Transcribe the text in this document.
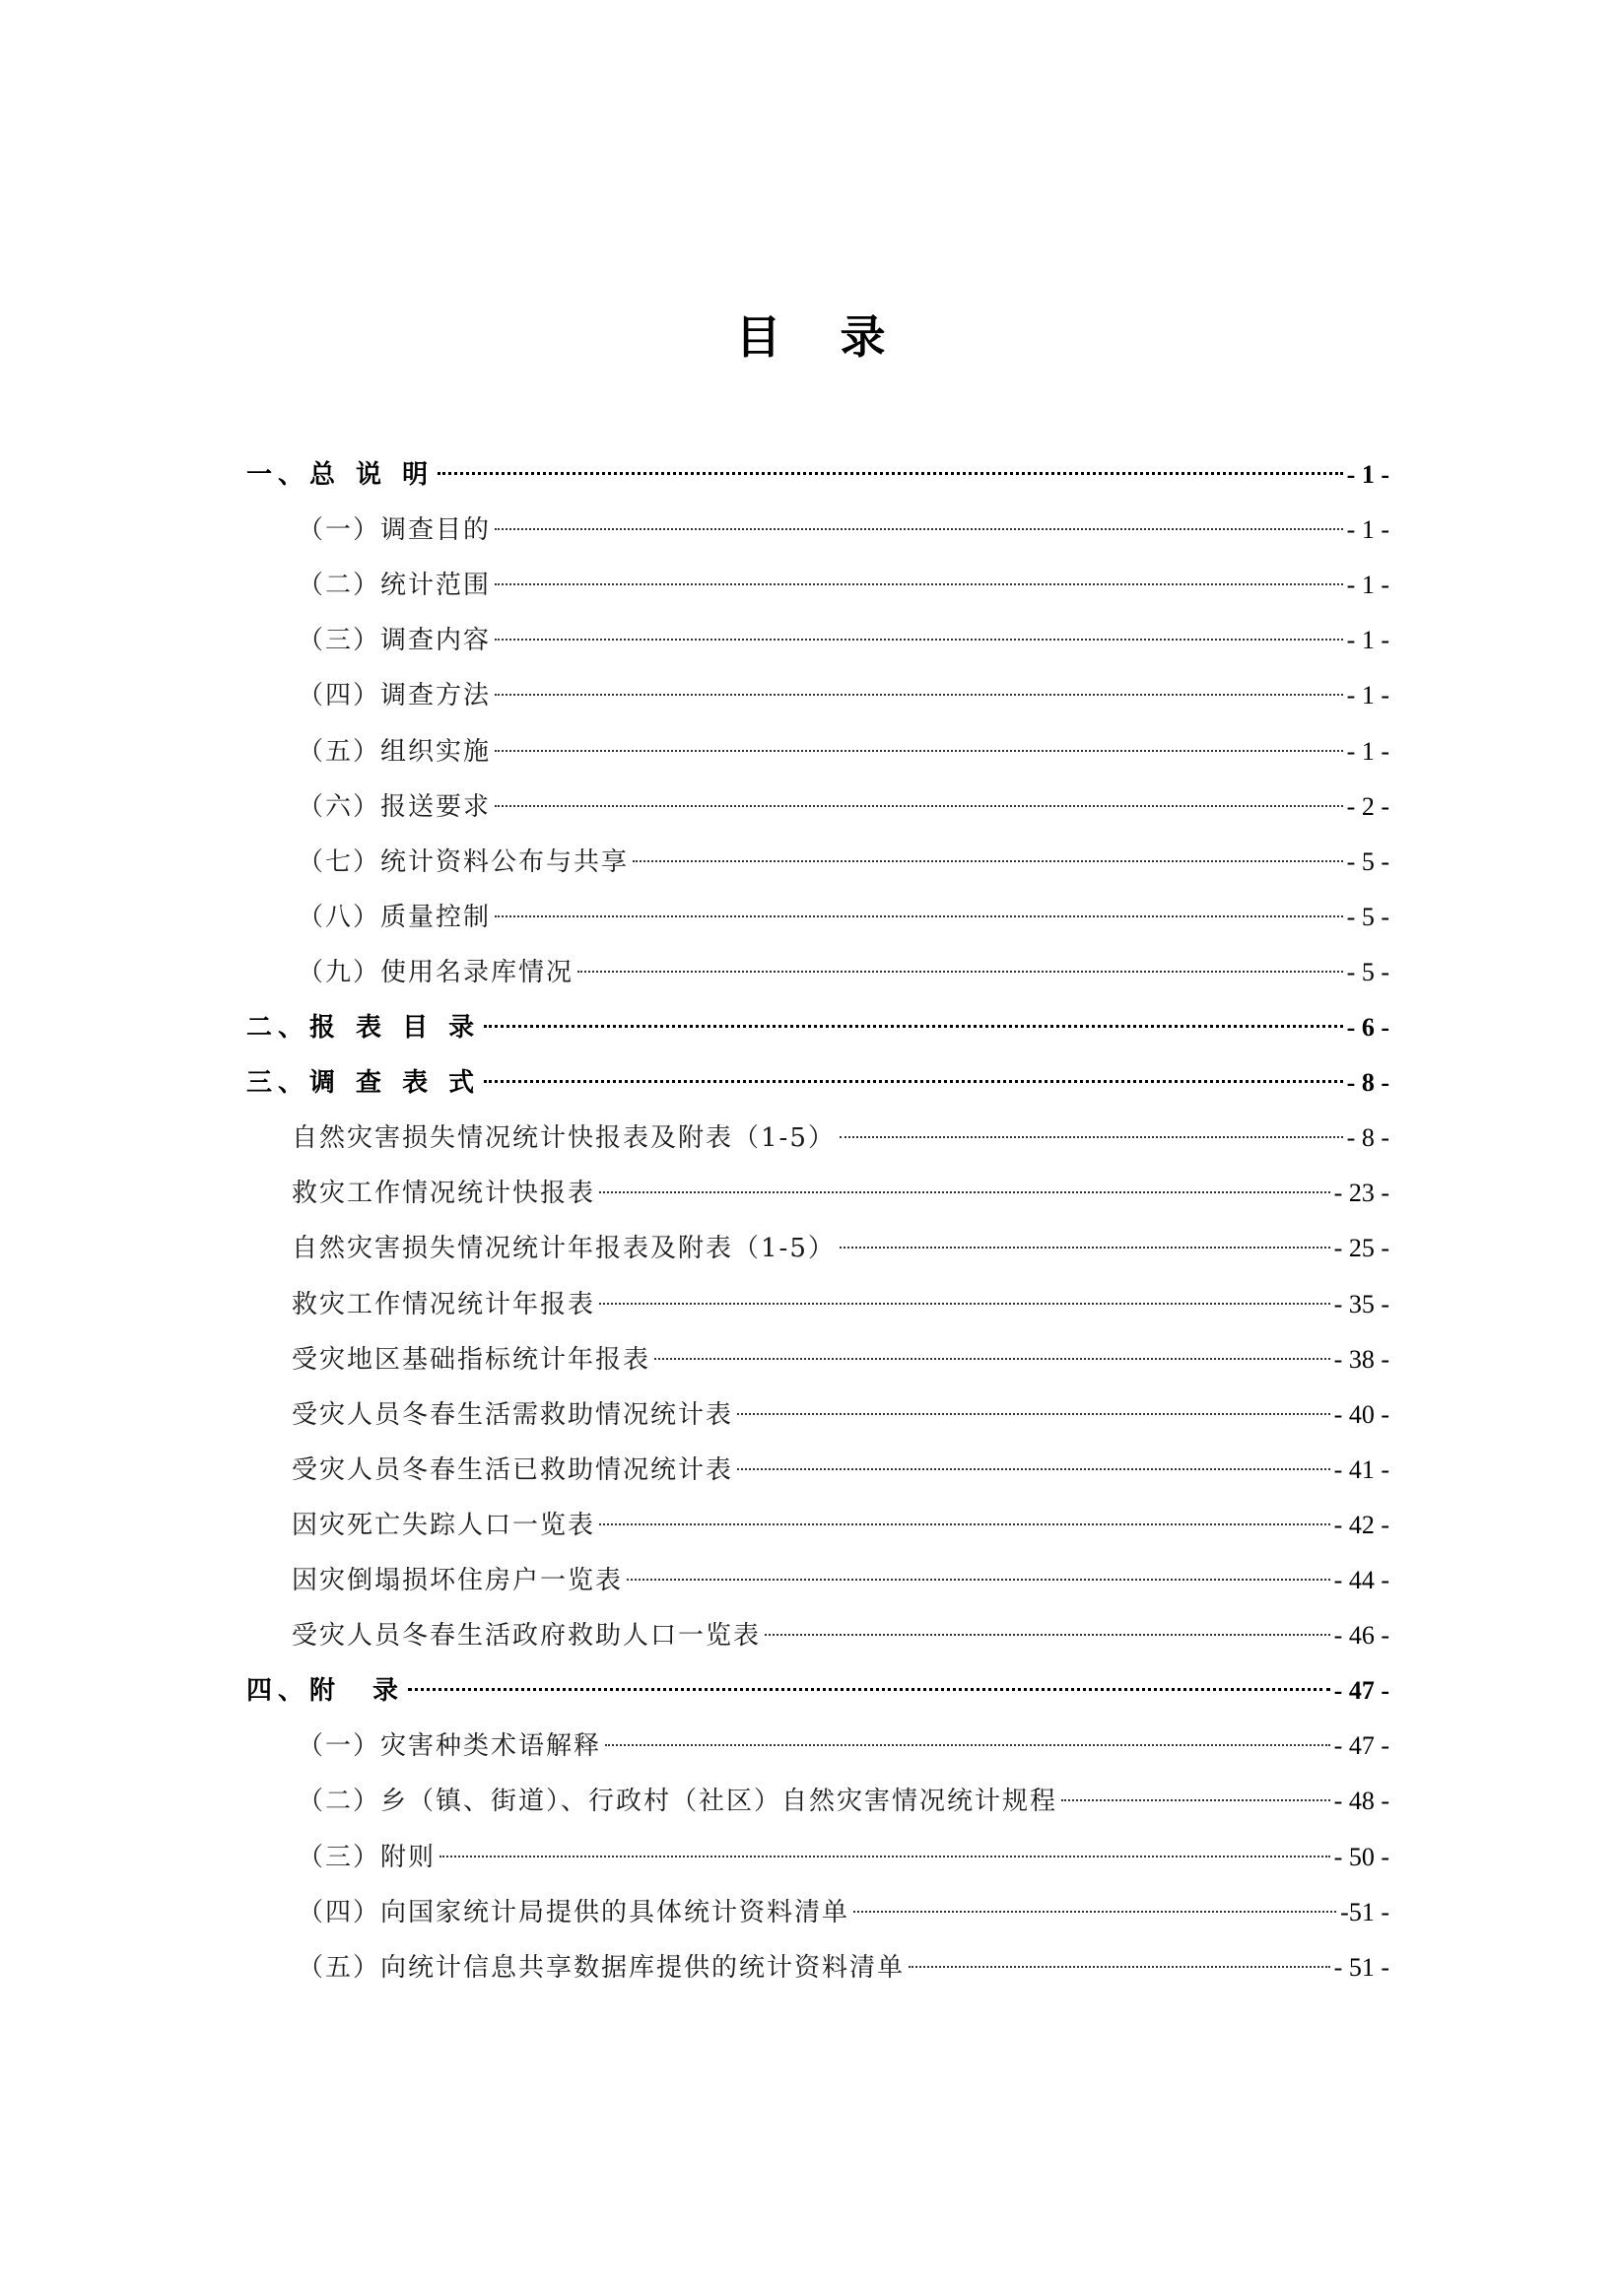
目 录
一、总 说 明	- 1 -
（一）调查目的	- 1 -
（二）统计范围	- 1 -
（三）调查内容	- 1 -
（四）调查方法	- 1 -
（五）组织实施	- 1 -
（六）报送要求	- 2 -
（七）统计资料公布与共享	- 5 -
（八）质量控制	- 5 -
（九）使用名录库情况	- 5 -
二、报 表 目 录	- 6 -
三、调 查 表 式	- 8 -
自然灾害损失情况统计快报表及附表（1-5）	- 8 -
救灾工作情况统计快报表	- 23 -
自然灾害损失情况统计年报表及附表（1-5）	- 25 -
救灾工作情况统计年报表	- 35 -
受灾地区基础指标统计年报表	- 38 -
受灾人员冬春生活需救助情况统计表	- 40 -
受灾人员冬春生活已救助情况统计表	- 41 -
因灾死亡失踪人口一览表	- 42 -
因灾倒塌损坏住房户一览表	- 44 -
受灾人员冬春生活政府救助人口一览表	- 46 -
四、附　录	- 47 -
（一）灾害种类术语解释	- 47 -
（二）乡（镇、街道）、行政村（社区）自然灾害情况统计规程	- 48 -
（三）附则	- 50 -
（四）向国家统计局提供的具体统计资料清单	-51 -
（五）向统计信息共享数据库提供的统计资料清单	- 51 -
